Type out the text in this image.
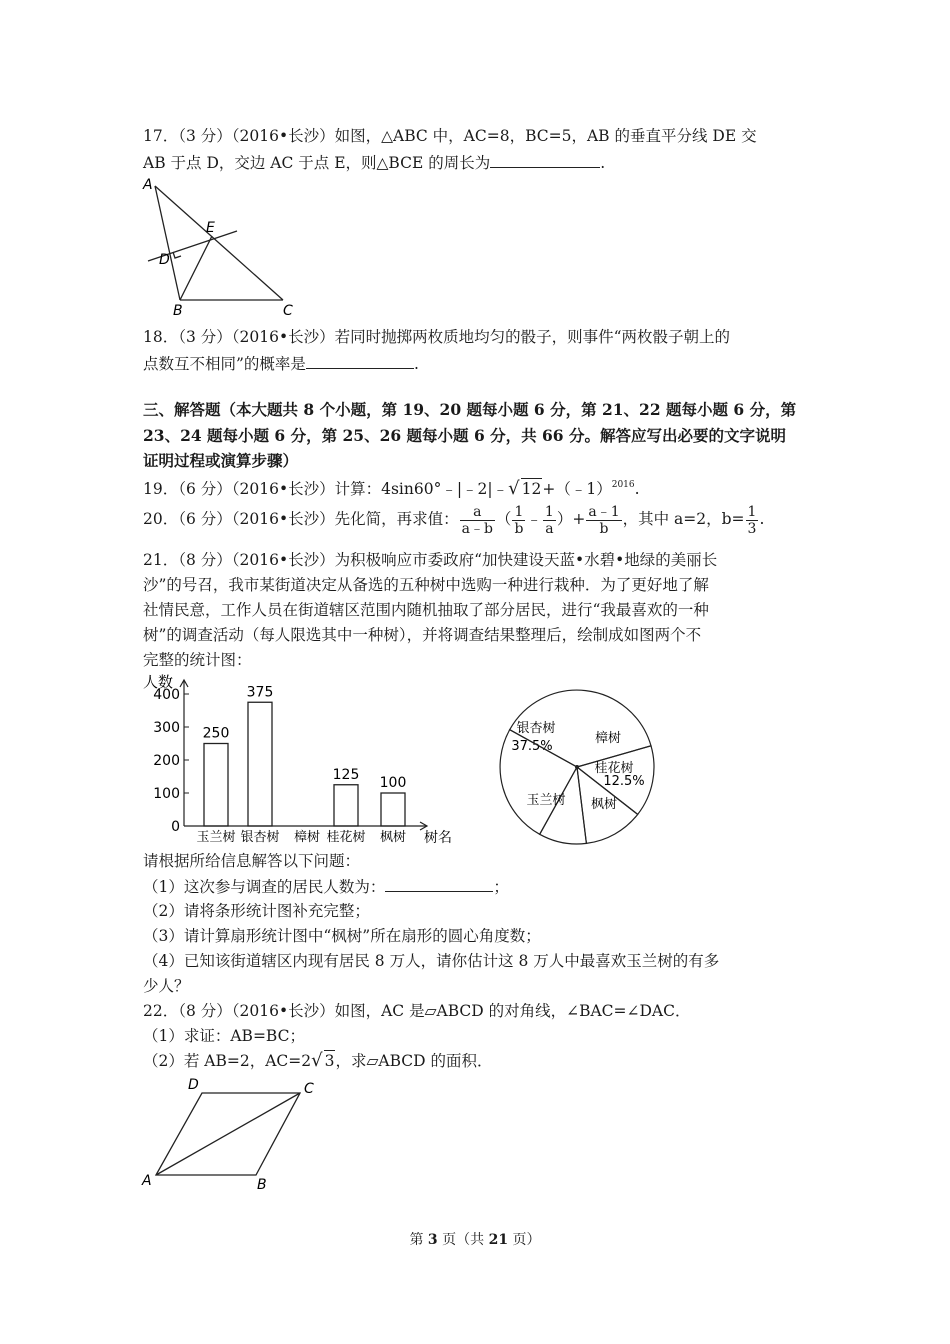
17．（3 分）（2016•长沙）如图，△ABC 中，AC=8，BC=5，AB 的垂直平分线 DE 交
AB 于点 D，交边 AC 于点 E，则△BCE 的周长为	.
A
B	C
D
E
18．（3 分）（2016•长沙）若同时抛掷两枚质地均匀的骰子，则事件“两枚骰子朝上的
点数互不相同”的概率是	.
三、解答题（本大题共 8 个小题，第 19、20 题每小题 6 分，第 21、22 题每小题 6 分，第
23、24 题每小题 6 分，第 25、26 题每小题 6 分，共 66 分。解答应写出必要的文字说明
证明过程或演算步骤）
19．（6 分）（2016•长沙）计算：4sin60°﹣|﹣2|﹣√ 12+（﹣1）$^{2016}$.
20．（6 分）（2016•长沙）先化简，再求值： $\frac{a}{a﹣b}$ （ $\frac{1}{b}$ ﹣ $\frac{1}{a}$ ）+ $\frac{a﹣1}{b}$ ，其中 a=2，$b= \frac{1}{3}$ .
21．（8 分）（2016•长沙）为积极响应市委政府“加快建设天蓝•水碧•地绿的美丽长
沙”的号召，我市某街道决定从备选的五种树中选购一种进行栽种．为了更好地了解
社情民意，工作人员在街道辖区范围内随机抽取了部分居民，进行“我最喜欢的一种
树”的调查活动（每人限选其中一种树），并将调查结果整理后，绘制成如图两个不
完整的统计图：
人数
树名
0
100
200
300
400
250
玉兰树
375
银杏树 樟树
125
桂花树
100
枫树
银杏树
37.5%
樟树
桂花树
12.5%
枫树
玉兰树
请根据所给信息解答以下问题：
（1）这次参与调查的居民人数为：	；
（2）请将条形统计图补充完整；
（3）请计算扇形统计图中“枫树”所在扇形的圆心角度数；
（4）已知该街道辖区内现有居民 8 万人，请你估计这 8 万人中最喜欢玉兰树的有多
少人？
22．（8 分）（2016•长沙）如图，AC 是▱ABCD 的对角线，∠BAC=∠DAC．
（1）求证：AB=BC；
（2）若 AB=2，AC=2√ 3，求▱ABCD 的面积．
A	B
C
D
第 3 页（共 21 页）
